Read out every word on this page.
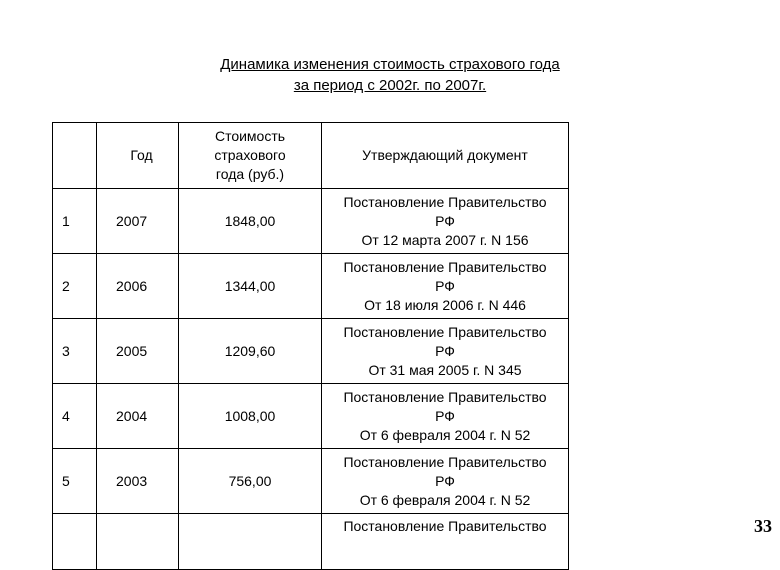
Динамика изменения стоимость страхового года
за период с 2002г. по 2007г.
	Год	Стоимость
страхового
года (руб.)	Утверждающий документ
1	2007	1848,00	Постановление Правительство
РФ
От 12 марта 2007 г. N 156

2	2006	1344,00	Постановление Правительство
РФ
От 18 июля 2006 г. N 446

3	2005	1209,60	Постановление Правительство
РФ
От 31 мая 2005 г. N 345

4	2004	1008,00	Постановление Правительство
РФ
От 6 февраля 2004 г. N 52

5	2003	756,00	Постановление Правительство
РФ
От 6 февраля 2004 г. N 52

			Постановление Правительство	33
